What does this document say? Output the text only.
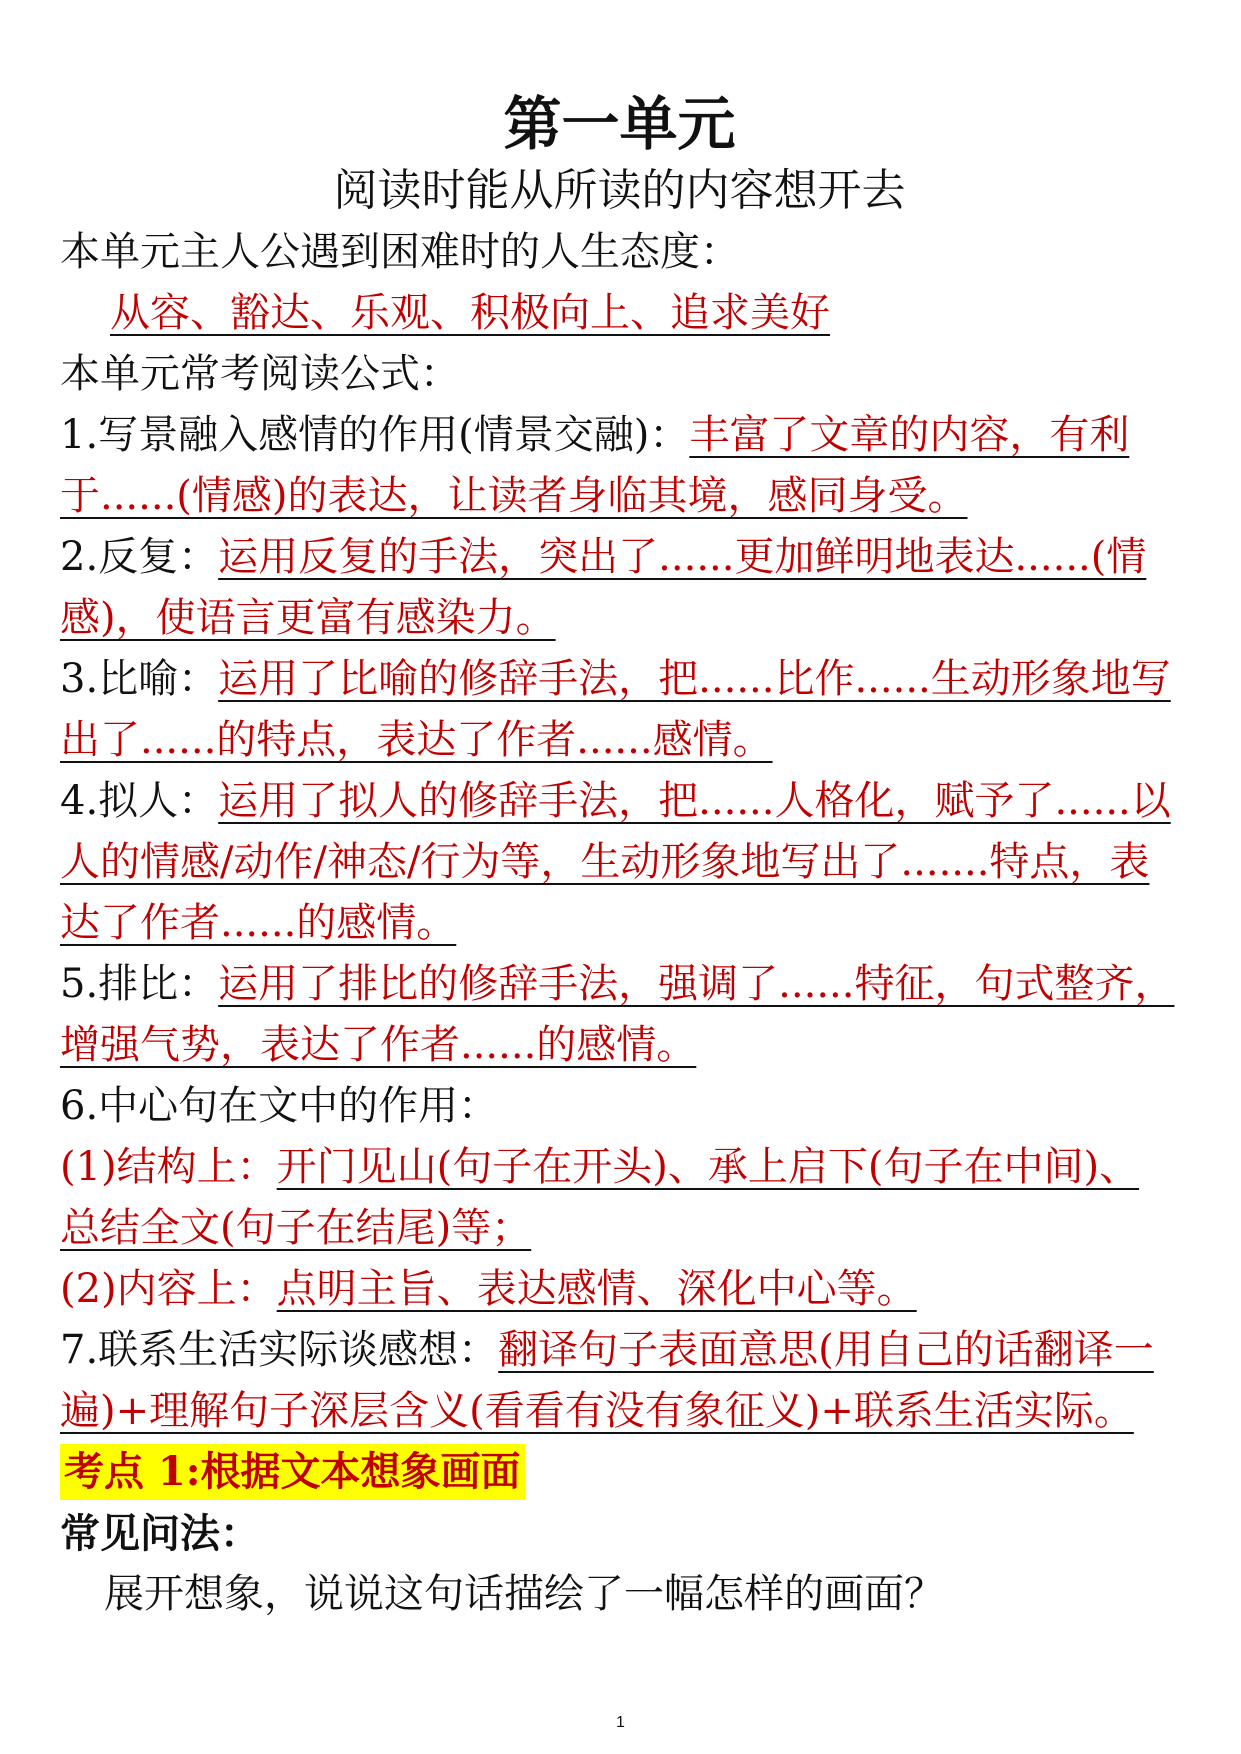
第一单元
阅读时能从所读的内容想开去
本单元主人公遇到困难时的人生态度：
从容、豁达、乐观、积极向上、追求美好
本单元常考阅读公式：
1.写景融入感情的作用(情景交融)：丰富了文章的内容，有利于......(情感)的表达，让读者身临其境，感同身受。
2.反复：运用反复的手法，突出了......更加鲜明地表达......(情感)，使语言更富有感染力。
3.比喻：运用了比喻的修辞手法，把......比作......生动形象地写出了......的特点，表达了作者......感情。
4.拟人：运用了拟人的修辞手法，把......人格化，赋予了......以人的情感/动作/神态/行为等，生动形象地写出了.......特点，表达了作者......的感情。
5.排比：运用了排比的修辞手法，强调了......特征，句式整齐，增强气势，表达了作者......的感情。
6.中心句在文中的作用：
(1)结构上：开门见山(句子在开头)、承上启下(句子在中间)、总结全文(句子在结尾)等；
(2)内容上：点明主旨、表达感情、深化中心等。
7.联系生活实际谈感想：翻译句子表面意思(用自己的话翻译一遍)+理解句子深层含义(看看有没有象征义)+联系生活实际。
考点 1:根据文本想象画面
常见问法：
展开想象，说说这句话描绘了一幅怎样的画面？
1
